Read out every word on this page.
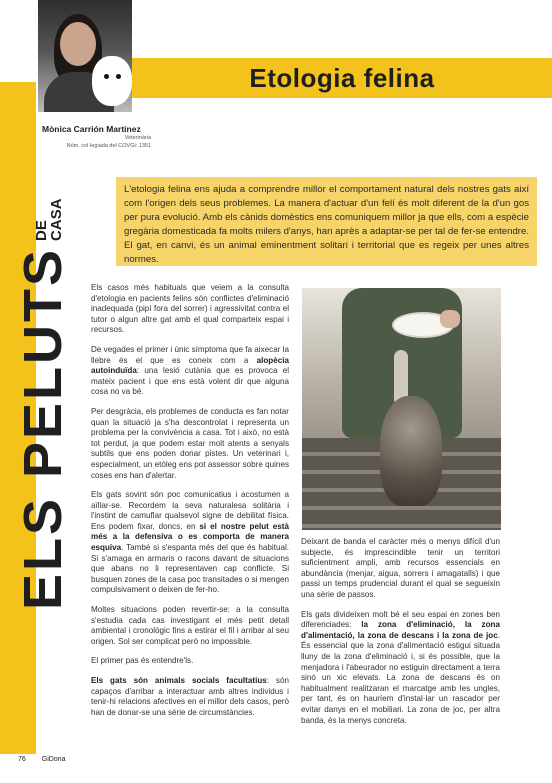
ELS PELUTS
DE
CASA
Etologia felina
Mònica Carrión Martínez
Veterinària
Núm. col·legiada del COVGi: 1351
L'etologia felina ens ajuda a comprendre millor el comportament natural dels nostres gats així com l'origen dels seus problemes. La manera d'actuar d'un felí és molt diferent de la d'un gos per pura evolució. Amb els cànids domèstics ens comuniquem millor ja que ells, com a espècie gregària domesticada fa molts milers d'anys, han après a adaptar-se per tal de fer-se entendre. El gat, en canvi, és un animal eminentment solitari i territorial que es regeix per unes altres normes.

Els casos més habituals que veiem a la consulta d'etologia en pacients felins són conflictes d'eliminació inadequada (pipí fora del sorrer) i agressivitat contra el tutor o algun altre gat amb el qual comparteix espai i recursos.

De vegades el primer i únic símptoma que fa aixecar la llebre és el que es coneix com a alopècia autoinduïda: una lesió cutània que es provoca el mateix pacient i que ens està volent dir que alguna cosa no va bé.

Per desgràcia, els problemes de conducta es fan notar quan la situació ja s'ha descontrolat i representa un problema per la convivència a casa. Tot i això, no està tot perdut, ja que podem estar molt atents a senyals subtils que ens poden donar pistes. Un veterinari i, especialment, un etòleg ens pot assessor sobre quines coses ens han d'alertar.

Els gats sovint són poc comunicatius i acostumen a aïllar-se. Recordem la seva naturalesa solitària i l'instint de camuflar qualsevol signe de debilitat física. Ens podem fixar, doncs, en si el nostre pelut està més a la defensiva o es comporta de manera esquiva. També si s'espanta més del que és habitual. Si s'amaga en armaris o racons davant de situacions que abans no li representaven cap conflicte. Si busquen zones de la casa poc transitades o si mengen compulsivament o deixen de fer-ho.

Moltes situacions poden revertir-se: a la consulta s'estudia cada cas investigant el més petit detall ambiental i cronològic fins a estirar el fil i arribar al seu origen. Sol ser complicat però no impossible.

El primer pas és entendre'ls.

Els gats són animals socials facultatius: són capaços d'arribar a interactuar amb altres individus i tenir-hi relacions afectives en el millor dels casos, però han de donar-se una sèrie de circumstàncies.

Deixant de banda el caràcter més o menys difícil d'un subjecte, és imprescindible tenir un territori suficientment ampli, amb recursos essencials en abundància (menjar, aigua, sorrers i amagatalls) i que passi un temps prudencial durant el qual se segueixin una sèrie de passos.

Els gats divideixen molt bé el seu espai en zones ben diferenciades: la zona d'eliminació, la zona d'alimentació, la zona de descans i la zona de joc. És essencial que la zona d'alimentació estigui situada lluny de la zona d'eliminació i, si és possible, que la menjadora i l'abeurador no estiguin directament a terra sinó un xic elevats. La zona de descans és on habitualment realitzaran el marcatge amb les ungles, per tant, és on hauríem d'instal·lar un rascador per evitar danys en el mobiliari. La zona de joc, per altra banda, és la menys concreta.

76 GiDona
